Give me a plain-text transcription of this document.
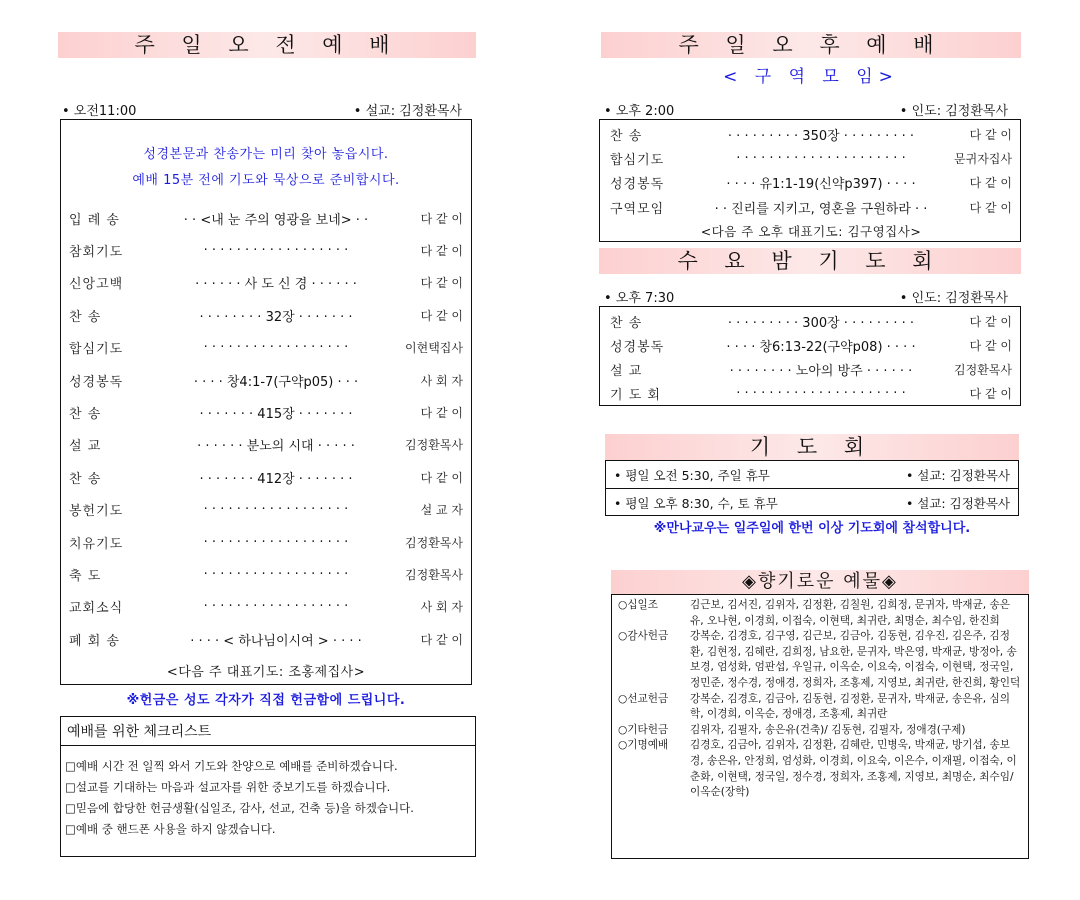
주 일 오 전 예 배
• 오전11:00	• 설교: 김정환목사
성경본문과 찬송가는 미리 찾아 놓읍시다.
예배 15분 전에 기도와 묵상으로 준비합시다.
입 례 송	· · <내 눈 주의 영광을 보네> · ·	다 같 이
참회기도	· · · · · · · · · · · · · · · · · ·	다 같 이
신앙고백	· · · · · · 사 도 신 경 · · · · · ·	다 같 이
찬 송	· · · · · · · · 32장 · · · · · · ·	다 같 이
합심기도	· · · · · · · · · · · · · · · · · ·	이현택집사
성경봉독	· · · · 창4:1-7(구약p05) · · ·	사 회 자
찬 송	· · · · · · · 415장 · · · · · · ·	다 같 이
설 교	· · · · · · 분노의 시대 · · · · ·	김정환목사
찬 송	· · · · · · · 412장 · · · · · · ·	다 같 이
봉헌기도	· · · · · · · · · · · · · · · · · ·	설 교 자
치유기도	· · · · · · · · · · · · · · · · · ·	김정환목사
축 도	· · · · · · · · · · · · · · · · · ·	김정환목사
교회소식	· · · · · · · · · · · · · · · · · ·	사 회 자
폐 회 송	· · · · < 하나님이시여 > · · · ·	다 같 이
<다음 주 대표기도: 조홍제집사>
※헌금은 성도 각자가 직접 헌금함에 드립니다.
예배를 위한 체크리스트
□예배 시간 전 일찍 와서 기도와 찬양으로 예배를 준비하겠습니다.
□설교를 기대하는 마음과 설교자를 위한 중보기도를 하겠습니다.
□믿음에 합당한 헌금생활(십일조, 감사, 선교, 건축 등)을 하겠습니다.
□예배 중 핸드폰 사용을 하지 않겠습니다.
주 일 오 후 예 배
< 구 역 모 임>
• 오후 2:00	• 인도: 김정환목사
찬 송	· · · · · · · · · 350장 · · · · · · · · ·	다 같 이
합심기도	· · · · · · · · · · · · · · · · · · · · ·	문귀자집사
성경봉독	· · · · 유1:1-19(신약p397) · · · ·	다 같 이
구역모임	· · 진리를 지키고, 영혼을 구원하라 · ·	다 같 이
<다음 주 오후 대표기도: 김구영집사>
수 요 밤 기 도 회
• 오후 7:30	• 인도: 김정환목사
찬 송	· · · · · · · · · 300장 · · · · · · · · ·	다 같 이
성경봉독	· · · · 창6:13-22(구약p08) · · · ·	다 같 이
설 교	· · · · · · · · 노아의 방주 · · · · · ·	김정환목사
기 도 회	· · · · · · · · · · · · · · · · · · · · ·	다 같 이
기 도 회
• 평일 오전 5:30, 주일 휴무	• 설교: 김정환목사
• 평일 오후 8:30, 수, 토 휴무	• 설교: 김정환목사
※만나교우는 일주일에 한번 이상 기도회에 참석합니다.
◈향기로운 예물◈
○십일조	김근보, 김서진, 김위자, 김정환, 김칠원, 김희정, 문귀자, 박재균, 송은유, 오나현, 이경희, 이접숙, 이현택, 최귀란, 최명순, 최수임, 한진희
○감사헌금	강복순, 김경호, 김구영, 김근보, 김금아, 김동현, 김우진, 김은주, 김정환, 김현정, 김혜란, 김희정, 남요한, 문귀자, 박은영, 박재균, 방정아, 송보경, 엄성화, 엄판섭, 우일규, 이옥순, 이요숙, 이접숙, 이현택, 정국일, 정민준, 정수경, 정애경, 정희자, 조홍제, 지영보, 최귀란, 한진희, 황인덕
○선교헌금	강복순, 김경호, 김금아, 김동현, 김정환, 문귀자, 박재균, 송은유, 심의학, 이경희, 이옥순, 정애경, 조홍제, 최귀란
○기타헌금	김위자, 김필자, 송은유(건축)/ 김동현, 김필자, 정애경(구제)
○기명예배	김경호, 김금아, 김위자, 김정환, 김혜란, 민병욱, 박재균, 방기섭, 송보경, 송은유, 안정희, 엄성화, 이경희, 이요숙, 이은수, 이재필, 이접숙, 이춘화, 이현택, 정국일, 정수경, 정희자, 조홍제, 지영보, 최명순, 최수임/ 이옥순(장학)
